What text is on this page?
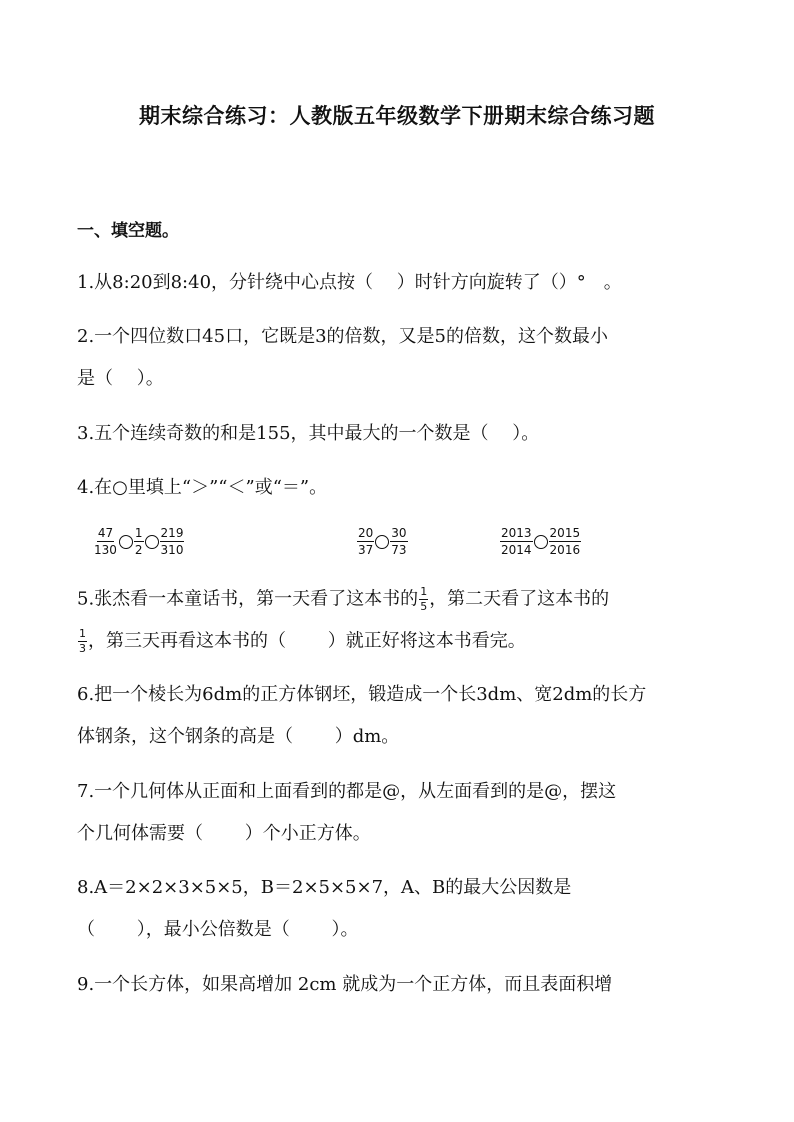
期末综合练习：人教版五年级数学下册期末综合练习题
一、填空题。
1.从8:20到8:40，分针绕中心点按（　 ）时针方向旋转了（）°　。
2.一个四位数口45口，它既是3的倍数，又是5的倍数，这个数最小
是（　 ）。
3.五个连续奇数的和是155，其中最大的一个数是（　 ）。
4.在○里填上“＞”“＜”或“＝”。
$\frac{47}{130} \frac{1}{2} \frac{219}{310}$	$\frac{20}{37} \frac{30}{73}$	$\frac{2013}{2014} \frac{2015}{2016}$
5.张杰看一本童话书，第一天看了这本书的 $\frac{1}{5}$ ，第二天看了这本书的
$\frac{1}{3}$ ，第三天再看这本书的（　　 ）就正好将这本书看完。
6.把一个棱长为6dm的正方体钢坯，锻造成一个长3dm、宽2dm的长方
体钢条，这个钢条的高是（　　 ）dm。
7.一个几何体从正面和上面看到的都是@，从左面看到的是@，摆这
个几何体需要（　　 ）个小正方体。
8.A＝2×2×3×5×5，B＝2×5×5×7，A、B的最大公因数是
（　　 ），最小公倍数是（　　 ）。
9.一个长方体，如果高增加 2cm 就成为一个正方体，而且表面积增
